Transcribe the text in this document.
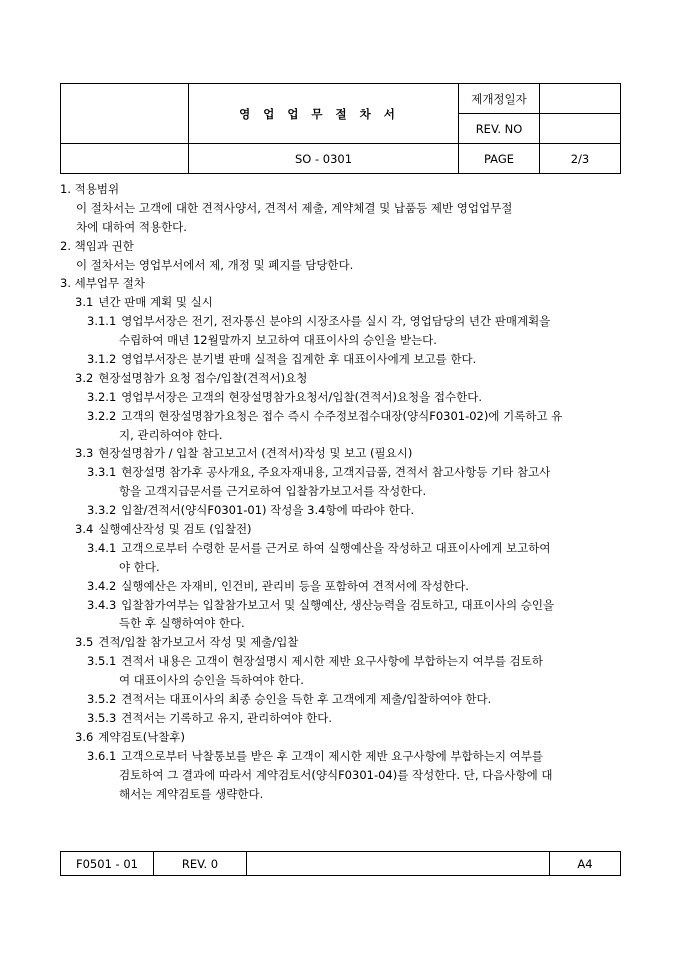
	영업업무절차서	제개정일자	
		REV. NO	
	SO - 0301	PAGE	2/3
1. 적용범위
이 절차서는 고객에 대한 견적사양서, 견적서 제출, 계약체결 및 납품등 제반 영업업무절
차에 대하여 적용한다.
2. 책임과 권한
이 절차서는 영업부서에서 제, 개정 및 폐지를 담당한다.
3. 세부업무 절차
3.1 년간 판매 계획 및 실시
3.1.1 영업부서장은 전기, 전자통신 분야의 시장조사를 실시 각, 영업담당의 년간 판매계획을
수립하여 매년 12월말까지 보고하여 대표이사의 승인을 받는다.
3.1.2 영업부서장은 분기별 판매 실적을 집계한 후 대표이사에게 보고를 한다.
3.2 현장설명참가 요청 접수/입찰(견적서)요청
3.2.1 영업부서장은 고객의 현장설명참가요청서/입찰(견적서)요청을 접수한다.
3.2.2 고객의 현장설명참가요청은 접수 즉시 수주정보접수대장(양식F0301-02)에 기록하고 유
지, 관리하여야 한다.
3.3 현장설명참가 / 입찰 참고보고서 (견적서)작성 및 보고 (필요시)
3.3.1 현장설명 참가후 공사개요, 주요자재내용, 고객지급품, 견적서 참고사항등 기타 참고사
항을 고객지급문서를 근거로하여 입찰참가보고서를 작성한다.
3.3.2 입찰/견적서(양식F0301-01) 작성을 3.4항에 따라야 한다.
3.4 실행예산작성 및 검토 (입찰전)
3.4.1 고객으로부터 수령한 문서를 근거로 하여 실행예산을 작성하고 대표이사에게 보고하여
야 한다.
3.4.2 실행예산은 자재비, 인건비, 관리비 등을 포함하여 견적서에 작성한다.
3.4.3 입찰참가여부는 입찰참가보고서 및 실행예산, 생산능력을 검토하고, 대표이사의 승인을
득한 후 실행하여야 한다.
3.5 견적/입찰 참가보고서 작성 및 제출/입찰
3.5.1 견적서 내용은 고객이 현장설명시 제시한 제반 요구사항에 부합하는지 여부를 검토하
여 대표이사의 승인을 득하여야 한다.
3.5.2 견적서는 대표이사의 최종 승인을 득한 후 고객에게 제출/입찰하여야 한다.
3.5.3 견적서는 기록하고 유지, 관리하여야 한다.
3.6 계약검토(낙찰후)
3.6.1 고객으로부터 낙찰통보를 받은 후 고객이 제시한 제반 요구사항에 부합하는지 여부를
검토하여 그 결과에 따라서 계약검토서(양식F0301-04)를 작성한다. 단, 다음사항에 대
해서는 계약검토를 생략한다.
F0501 - 01	REV. 0		A4
